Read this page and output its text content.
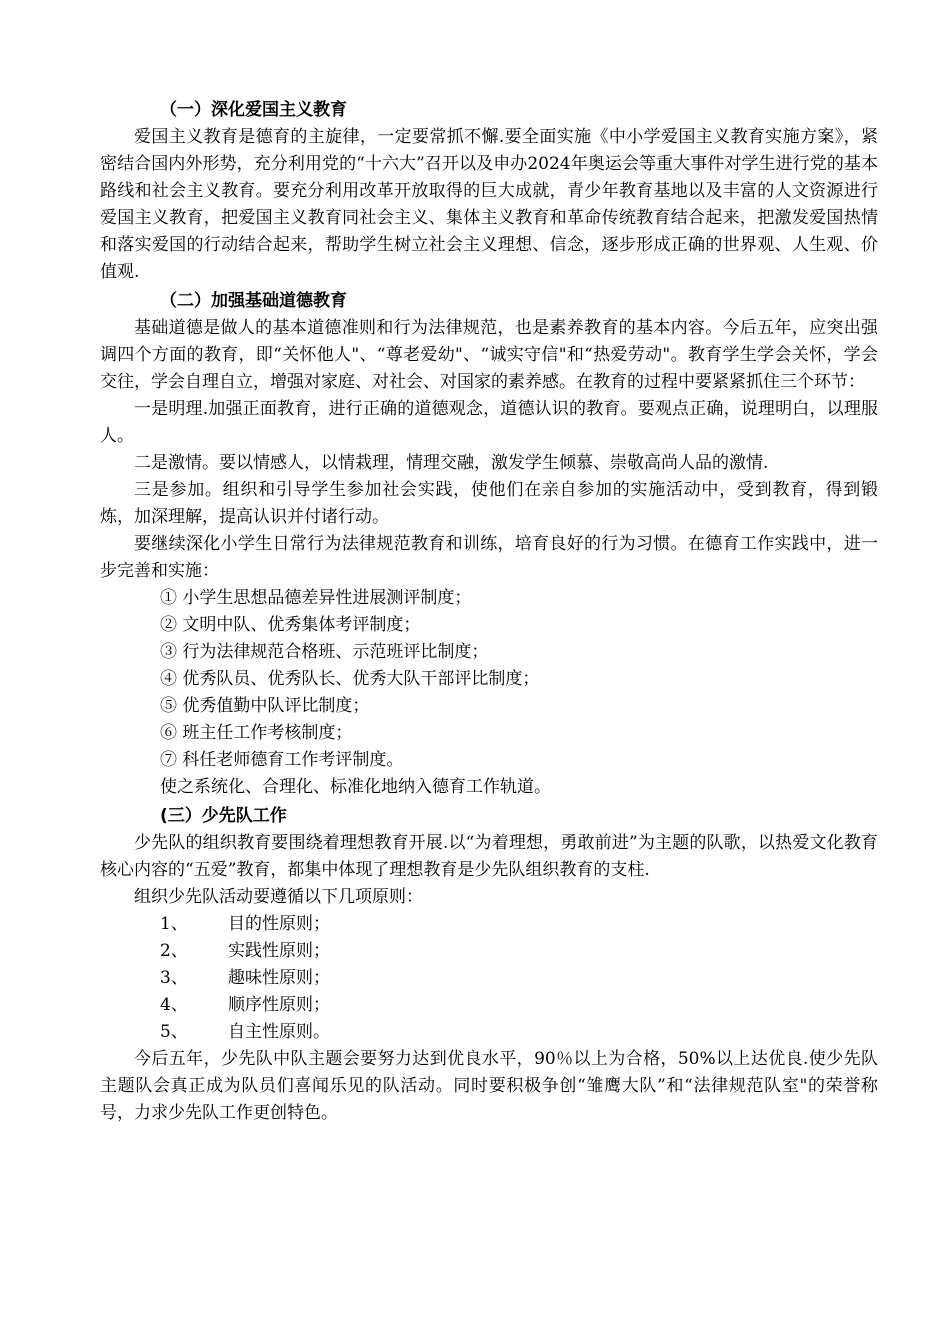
（一）深化爱国主义教育

爱国主义教育是德育的主旋律，一定要常抓不懈.要全面实施《中小学爱国主义教育实施方案》，紧密结合国内外形势，充分利用党的“十六大”召开以及申办2024年奥运会等重大事件对学生进行党的基本路线和社会主义教育。要充分利用改革开放取得的巨大成就，青少年教育基地以及丰富的人文资源进行爱国主义教育，把爱国主义教育同社会主义、集体主义教育和革命传统教育结合起来，把激发爱国热情和落实爱国的行动结合起来，帮助学生树立社会主义理想、信念，逐步形成正确的世界观、人生观、价值观.

（二）加强基础道德教育

基础道德是做人的基本道德准则和行为法律规范，也是素养教育的基本内容。今后五年，应突出强调四个方面的教育，即“关怀他人"、“尊老爱幼"、“诚实守信"和“热爱劳动"。教育学生学会关怀，学会交往，学会自理自立，增强对家庭、对社会、对国家的素养感。在教育的过程中要紧紧抓住三个环节：

一是明理.加强正面教育，进行正确的道德观念，道德认识的教育。要观点正确，说理明白，以理服人。

二是激情。要以情感人，以情栽理，情理交融，激发学生倾慕、崇敬高尚人品的激情.

三是参加。组织和引导学生参加社会实践，使他们在亲自参加的实施活动中，受到教育，得到锻炼，加深理解，提高认识并付诸行动。

要继续深化小学生日常行为法律规范教育和训练，培育良好的行为习惯。在德育工作实践中，进一步完善和实施：

① 小学生思想品德差异性进展测评制度；

② 文明中队、优秀集体考评制度；

③ 行为法律规范合格班、示范班评比制度；

④ 优秀队员、优秀队长、优秀大队干部评比制度；

⑤ 优秀值勤中队评比制度；

⑥ 班主任工作考核制度；

⑦ 科任老师德育工作考评制度。

使之系统化、合理化、标准化地纳入德育工作轨道。

(三）少先队工作

少先队的组织教育要围绕着理想教育开展.以“为着理想，勇敢前进”为主题的队歌，以热爱文化教育核心内容的“五爱”教育，都集中体现了理想教育是少先队组织教育的支柱.

组织少先队活动要遵循以下几项原则：

1、 目的性原则；

2、 实践性原则；

3、 趣味性原则；

4、 顺序性原则；

5、 自主性原则。

今后五年，少先队中队主题会要努力达到优良水平，90％以上为合格，50%以上达优良.使少先队主题队会真正成为队员们喜闻乐见的队活动。同时要积极争创“雏鹰大队”和“法律规范队室"的荣誉称号，力求少先队工作更创特色。
